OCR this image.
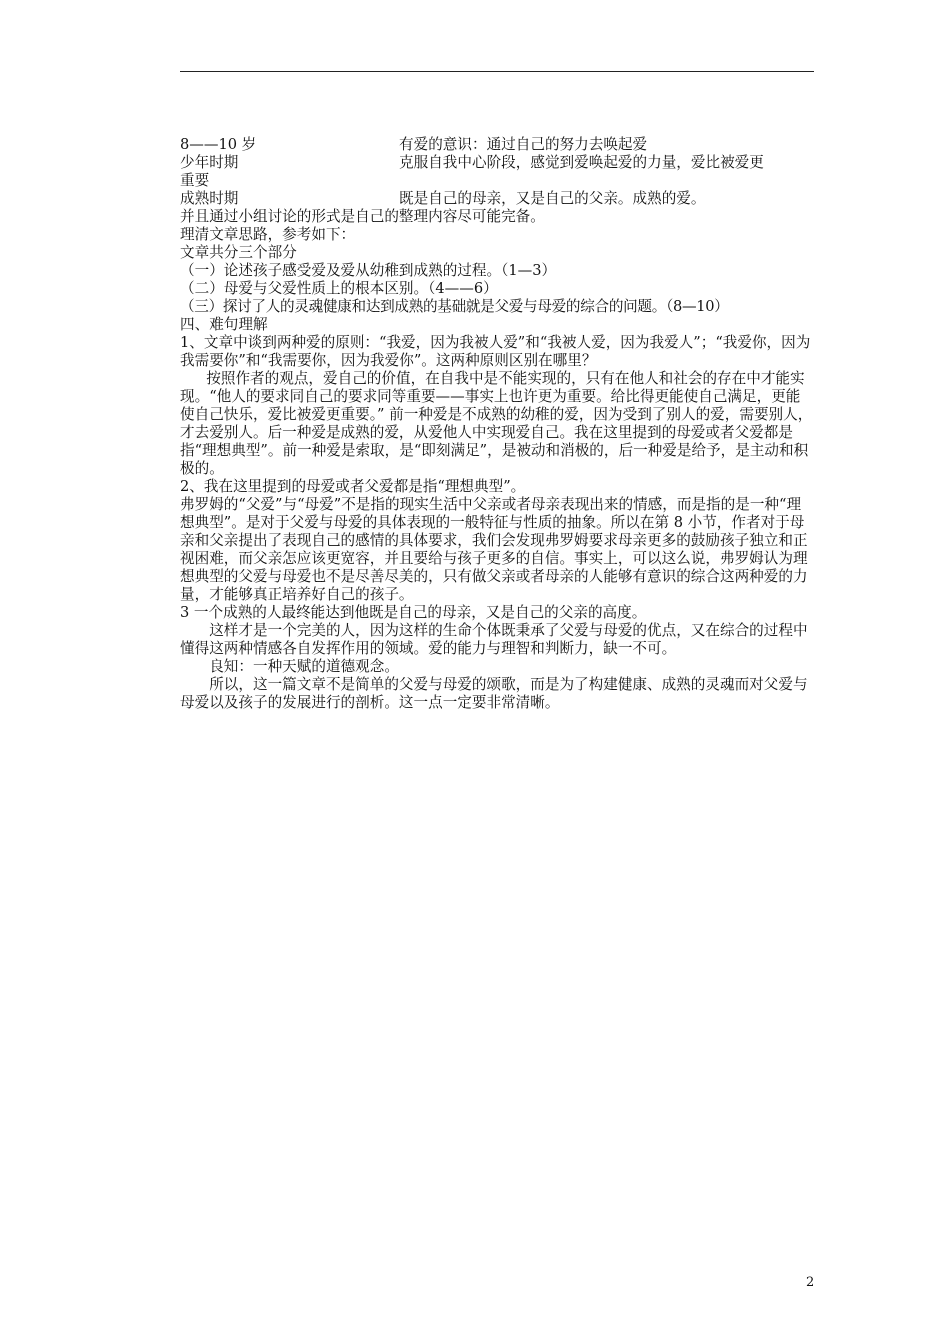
8——10 岁	有爱的意识：通过自己的努力去唤起爱
少年时期	克服自我中心阶段，感觉到爱唤起爱的力量，爱比被爱更
重要
成熟时期	既是自己的母亲，又是自己的父亲。成熟的爱。
并且通过小组讨论的形式是自己的整理内容尽可能完备。
理清文章思路，参考如下：
文章共分三个部分
（一）论述孩子感受爱及爱从幼稚到成熟的过程。（1—3）
（二）母爱与父爱性质上的根本区别。（4——6）
（三）探讨了人的灵魂健康和达到成熟的基础就是父爱与母爱的综合的问题。（8—10）
四、难句理解
1、文章中谈到两种爱的原则：“我爱，因为我被人爱”和“我被人爱，因为我爱人”；“我爱你，因为我需要你”和“我需要你，因为我爱你”。这两种原则区别在哪里？
按照作者的观点，爱自己的价值，在自我中是不能实现的，只有在他人和社会的存在中才能实现。“他人的要求同自己的要求同等重要——事实上也许更为重要。给比得更能使自己满足，更能使自己快乐，爱比被爱更重要。” 前一种爱是不成熟的幼稚的爱，因为受到了别人的爱，需要别人，才去爱别人。后一种爱是成熟的爱，从爱他人中实现爱自己。我在这里提到的母爱或者父爱都是指“理想典型”。前一种爱是索取，是“即刻满足”，是被动和消极的，后一种爱是给予，是主动和积极的。
2、我在这里提到的母爱或者父爱都是指“理想典型”。
弗罗姆的“父爱”与“母爱”不是指的现实生活中父亲或者母亲表现出来的情感，而是指的是一种“理想典型”。是对于父爱与母爱的具体表现的一般特征与性质的抽象。所以在第 8 小节，作者对于母亲和父亲提出了表现自己的感情的具体要求，我们会发现弗罗姆要求母亲更多的鼓励孩子独立和正视困难，而父亲怎应该更宽容，并且要给与孩子更多的自信。事实上，可以这么说，弗罗姆认为理想典型的父爱与母爱也不是尽善尽美的，只有做父亲或者母亲的人能够有意识的综合这两种爱的力量，才能够真正培养好自己的孩子。
3 一个成熟的人最终能达到他既是自己的母亲，又是自己的父亲的高度。
这样才是一个完美的人，因为这样的生命个体既秉承了父爱与母爱的优点，又在综合的过程中懂得这两种情感各自发挥作用的领域。爱的能力与理智和判断力，缺一不可。
良知：一种天赋的道德观念。
所以，这一篇文章不是简单的父爱与母爱的颂歌，而是为了构建健康、成熟的灵魂而对父爱与母爱以及孩子的发展进行的剖析。这一点一定要非常清晰。
2
